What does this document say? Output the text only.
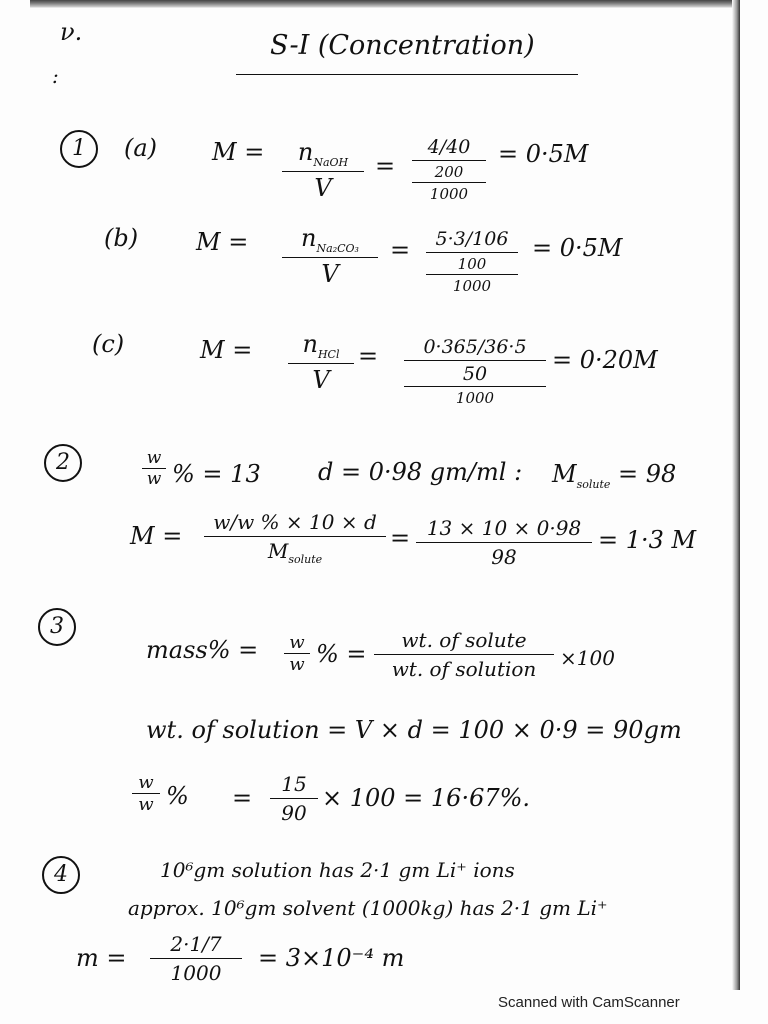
ν.
:
S-I (Concentration)
1	(a) M =	$n_{NaOH}$
V
=
4/40
200
1000
= 0·5M
(b) M =	$n_{Na_2CO_3}$
V
=	5·3/106
100
1000
= 0·5M
(c)	M =	$n_{HCl}$
V
=	0·365/36·5
50
1000
= 0·20M
2	w
w % = 13 d = 0·98 gm/ml : $M_{solute} = 98$
M =	w/w % × 10 × d
$M_{solute}$
= 13 × 10 × 0·98
98
= 1·3 M
3
mass% = w
w % =	wt. of solute
wt. of solution	×100
wt. of solution = V × d = 100 × 0·9 = 90gm
w
w % =	15
90
× 100 = 16·67%.
4	10⁶gm solution has 2·1 gm Li⁺ ions
approx. 10⁶gm solvent (1000kg) has 2·1 gm Li⁺
m =	2·1/7
1000
= 3×10⁻⁴ m
Scanned with CamScanner
